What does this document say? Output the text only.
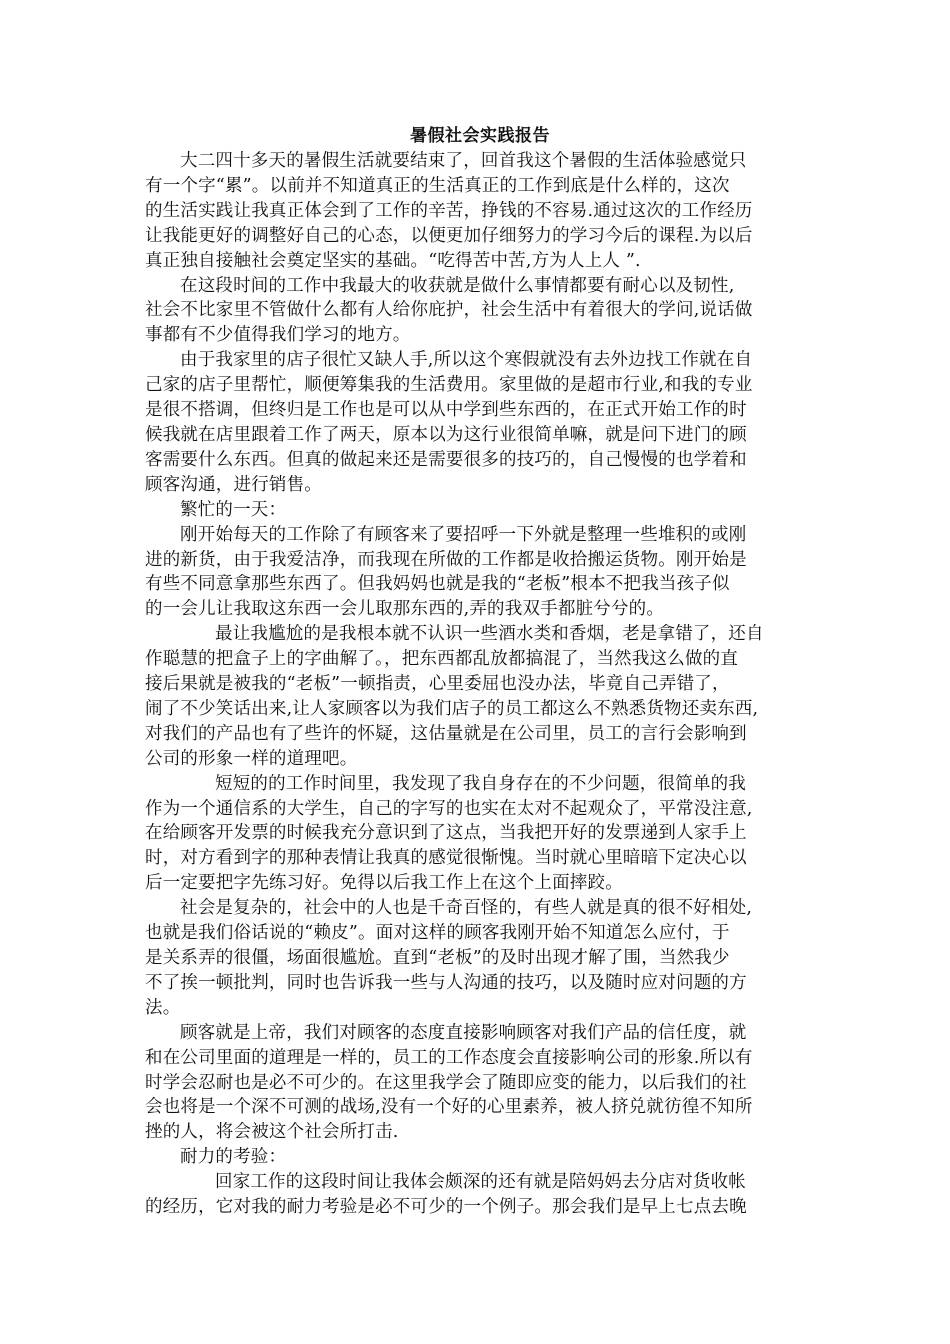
暑假社会实践报告

大二四十多天的暑假生活就要结束了，回首我这个暑假的生活体验感觉只
有一个字“累”。以前并不知道真正的生活真正的工作到底是什么样的，这次
的生活实践让我真正体会到了工作的辛苦，挣钱的不容易.通过这次的工作经历
让我能更好的调整好自己的心态，以便更加仔细努力的学习今后的课程.为以后
真正独自接触社会奠定坚实的基础。“吃得苦中苦,方为人上人 ”.

在这段时间的工作中我最大的收获就是做什么事情都要有耐心以及韧性,
社会不比家里不管做什么都有人给你庇护，社会生活中有着很大的学问,说话做
事都有不少值得我们学习的地方。

由于我家里的店子很忙又缺人手,所以这个寒假就没有去外边找工作就在自
己家的店子里帮忙，顺便筹集我的生活费用。家里做的是超市行业,和我的专业
是很不搭调，但终归是工作也是可以从中学到些东西的，在正式开始工作的时
候我就在店里跟着工作了两天，原本以为这行业很简单嘛，就是问下进门的顾
客需要什么东西。但真的做起来还是需要很多的技巧的，自己慢慢的也学着和
顾客沟通，进行销售。

繁忙的一天：

刚开始每天的工作除了有顾客来了要招呼一下外就是整理一些堆积的或刚
进的新货，由于我爱洁净，而我现在所做的工作都是收拾搬运货物。刚开始是
有些不同意拿那些东西了。但我妈妈也就是我的“老板”根本不把我当孩子似
的一会儿让我取这东西一会儿取那东西的,弄的我双手都脏兮兮的。

最让我尴尬的是我根本就不认识一些酒水类和香烟，老是拿错了，还自
作聪慧的把盒子上的字曲解了。，把东西都乱放都搞混了，当然我这么做的直
接后果就是被我的“老板”一顿指责，心里委屈也没办法，毕竟自己弄错了，
闹了不少笑话出来,让人家顾客以为我们店子的员工都这么不熟悉货物还卖东西,
对我们的产品也有了些许的怀疑，这估量就是在公司里，员工的言行会影响到
公司的形象一样的道理吧。

短短的的工作时间里，我发现了我自身存在的不少问题，很简单的我
作为一个通信系的大学生，自己的字写的也实在太对不起观众了，平常没注意,
在给顾客开发票的时候我充分意识到了这点，当我把开好的发票递到人家手上
时，对方看到字的那种表情让我真的感觉很惭愧。当时就心里暗暗下定决心以
后一定要把字先练习好。免得以后我工作上在这个上面摔跤。

社会是复杂的，社会中的人也是千奇百怪的，有些人就是真的很不好相处,
也就是我们俗话说的“赖皮”。面对这样的顾客我刚开始不知道怎么应付，于
是关系弄的很僵，场面很尴尬。直到“老板”的及时出现才解了围，当然我少
不了挨一顿批判，同时也告诉我一些与人沟通的技巧，以及随时应对问题的方
法。

顾客就是上帝，我们对顾客的态度直接影响顾客对我们产品的信任度，就
和在公司里面的道理是一样的，员工的工作态度会直接影响公司的形象.所以有
时学会忍耐也是必不可少的。在这里我学会了随即应变的能力，以后我们的社
会也将是一个深不可测的战场,没有一个好的心里素养，被人挤兑就彷徨不知所
挫的人，将会被这个社会所打击.

耐力的考验：

回家工作的这段时间让我体会颇深的还有就是陪妈妈去分店对货收帐
的经历，它对我的耐力考验是必不可少的一个例子。那会我们是早上七点去晚
